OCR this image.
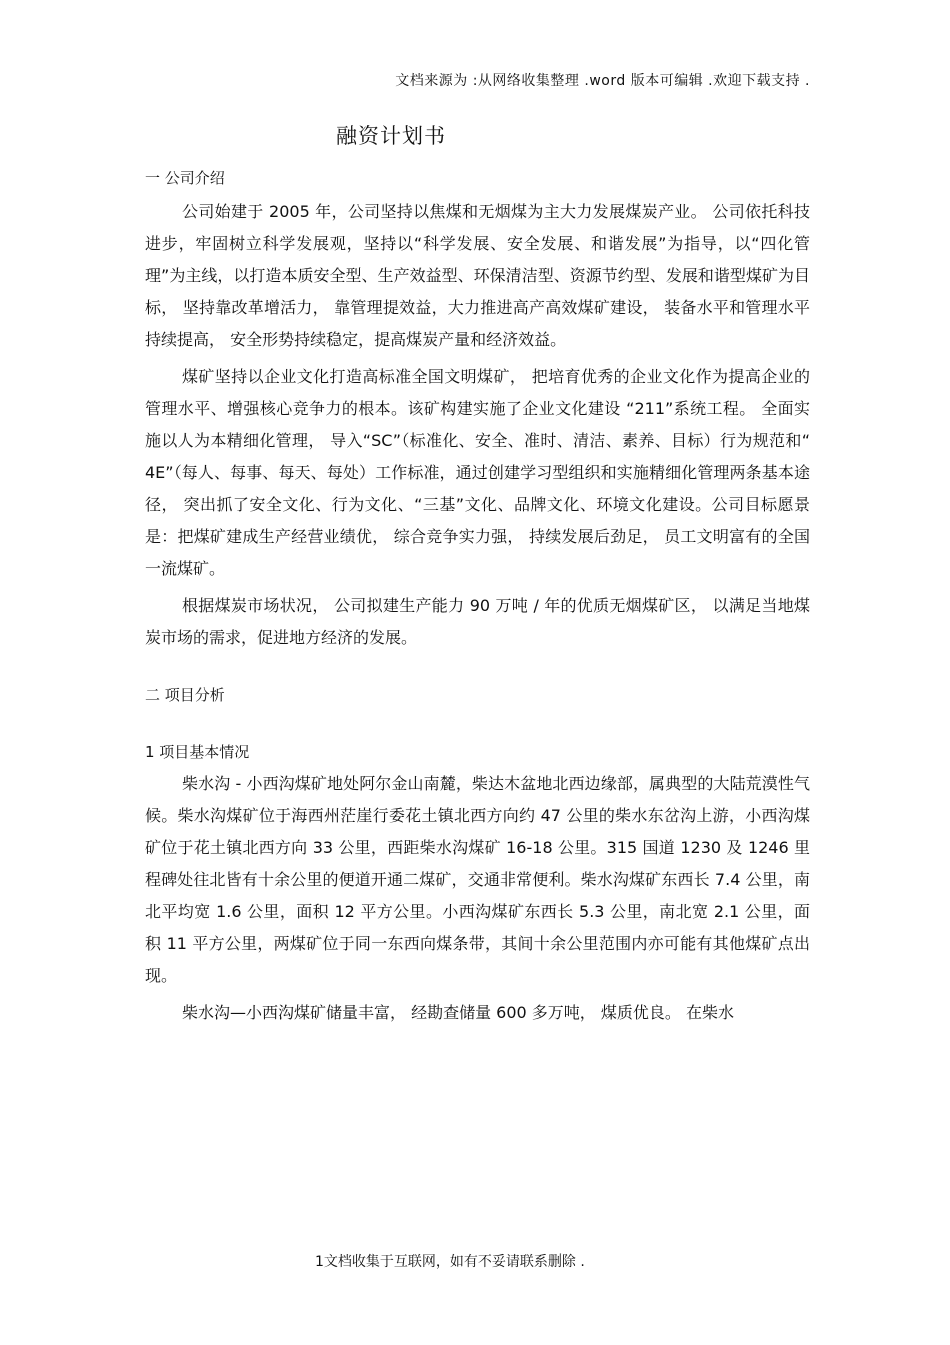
文档来源为 :从网络收集整理 .word 版本可编辑 .欢迎下载支持 .
融资计划书

一 公司介绍

公司始建于 2005 年，公司坚持以焦煤和无烟煤为主大力发展煤炭产业。 公司依托科技进步，牢固树立科学发展观，坚持以“科学发展、安全发展、和谐发展”为指导，以“四化管理”为主线，以打造本质安全型、生产效益型、环保清洁型、资源节约型、发展和谐型煤矿为目标， 坚持靠改革增活力， 靠管理提效益，大力推进高产高效煤矿建设， 装备水平和管理水平持续提高， 安全形势持续稳定，提高煤炭产量和经济效益。

煤矿坚持以企业文化打造高标准全国文明煤矿， 把培育优秀的企业文化作为提高企业的管理水平、增强核心竞争力的根本。该矿构建实施了企业文化建设 “211”系统工程。 全面实施以人为本精细化管理， 导入“SC”（标准化、安全、准时、清洁、素养、目标）行为规范和“ 4E”（每人、每事、每天、每处）工作标准，通过创建学习型组织和实施精细化管理两条基本途径， 突出抓了安全文化、行为文化、“三基”文化、品牌文化、环境文化建设。公司目标愿景是：把煤矿建成生产经营业绩优， 综合竞争实力强， 持续发展后劲足， 员工文明富有的全国一流煤矿。

根据煤炭市场状况， 公司拟建生产能力 90 万吨 / 年的优质无烟煤矿区， 以满足当地煤炭市场的需求，促进地方经济的发展。

二 项目分析

1 项目基本情况

柴水沟 - 小西沟煤矿地处阿尔金山南麓，柴达木盆地北西边缘部，属典型的大陆荒漠性气候。柴水沟煤矿位于海西州茫崖行委花土镇北西方向约 47 公里的柴水东岔沟上游，小西沟煤矿位于花土镇北西方向 33 公里，西距柴水沟煤矿 16-18 公里。315 国道 1230 及 1246 里程碑处往北皆有十余公里的便道开通二煤矿，交通非常便利。柴水沟煤矿东西长 7.4 公里，南北平均宽 1.6 公里，面积 12 平方公里。小西沟煤矿东西长 5.3 公里，南北宽 2.1 公里，面积 11 平方公里，两煤矿位于同一东西向煤条带，其间十余公里范围内亦可能有其他煤矿点出现。

柴水沟—小西沟煤矿储量丰富， 经勘查储量 600 多万吨， 煤质优良。 在柴水

1文档收集于互联网，如有不妥请联系删除 .
